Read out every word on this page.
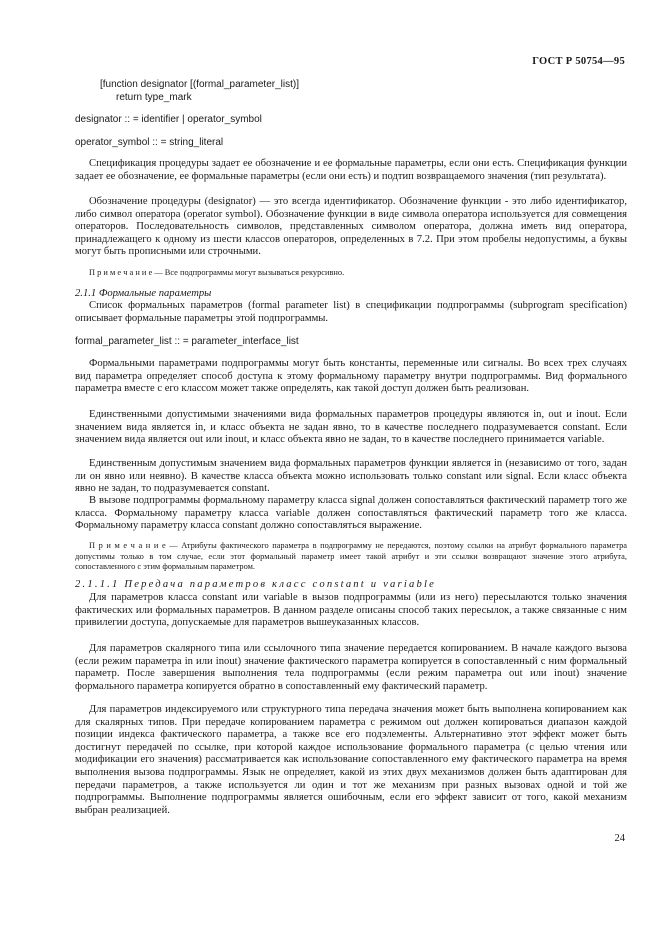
ГОСТ Р 50754—95
[function designator [(formal_parameter_list)]
return type_mark
designator :: = identifier | operator_symbol
operator_symbol :: = string_literal

Спецификация процедуры задает ее обозначение и ее формальные параметры, если они есть. Спецификация функции задает ее обозначение, ее формальные параметры (если они есть) и подтип возвращаемого значения (тип результата).

Обозначение процедуры (designator) — это всегда идентификатор. Обозначение функции - это либо идентификатор, либо символ оператора (operator symbol). Обозначение функции в виде символа оператора используется для совмещения операторов. Последовательность символов, представленных символом оператора, должна иметь вид оператора, принадлежащего к одному из шести классов операторов, определенных в 7.2. При этом пробелы недопустимы, а буквы могут быть прописными или строчными.

П р и м е ч а н и е — Все подпрограммы могут вызываться рекурсивно.

2.1.1 Формальные параметры

Список формальных параметров (formal parameter list) в спецификации подпрограммы (subprogram specification) описывает формальные параметры этой подпрограммы.

formal_parameter_list :: = parameter_interface_list

Формальными параметрами подпрограммы могут быть константы, переменные или сигналы. Во всех трех случаях вид параметра определяет способ доступа к этому формальному параметру внутри подпрограммы. Вид формального параметра вместе с его классом может также определять, как такой доступ должен быть реализован.

Единственными допустимыми значениями вида формальных параметров процедуры являются in, out и inout. Если значением вида является in, и класс объекта не задан явно, то в качестве последнего подразумевается constant. Если значением вида является out или inout, и класс объекта явно не задан, то в качестве последнего принимается variable.

Единственным допустимым значением вида формальных параметров функции является in (независимо от того, задан ли он явно или неявно). В качестве класса объекта можно использовать только constant или signal. Если класс объекта явно не задан, то подразумевается constant.

В вызове подпрограммы формальному параметру класса signal должен сопоставляться фактический параметр того же класса. Формальному параметру класса variable должен сопоставляться фактический параметр того же класса. Формальному параметру класса constant должно сопоставляться выражение.

П р и м е ч а н и е — Атрибуты фактического параметра в подпрограмму не передаются, поэтому ссылки на атрибут формального параметра допустимы только в том случае, если этот формальный параметр имеет такой атрибут и эти ссылки возвращают значение этого атрибута, сопоставленного с этим формальным параметром.

2.1.1.1 Передача параметров класс constant и variable

Для параметров класса constant или variable в вызов подпрограммы (или из него) пересылаются только значения фактических или формальных параметров. В данном разделе описаны способ таких пересылок, а также связанные с ним привилегии доступа, допускаемые для параметров вышеуказанных классов.

Для параметров скалярного типа или ссылочного типа значение передается копированием. В начале каждого вызова (если режим параметра in или inout) значение фактического параметра копируется в сопоставленный с ним формальный параметр. После завершения выполнения тела подпрограммы (если режим параметра out или inout) значение формального параметра копируется обратно в сопоставленный ему фактический параметр.

Для параметров индексируемого или структурного типа передача значения может быть выполнена копированием как для скалярных типов. При передаче копированием параметра с режимом out должен копироваться диапазон каждой позиции индекса фактического параметра, а также все его подэлементы. Альтернативно этот эффект может быть достигнут передачей по ссылке, при которой каждое использование формального параметра (с целью чтения или модификации его значения) рассматривается как использование сопоставленного ему фактического параметра на время выполнения вызова подпрограммы. Язык не определяет, какой из этих двух механизмов должен быть адаптирован для передачи параметров, а также используется ли один и тот же механизм при разных вызовах одной и той же подпрограммы. Выполнение подпрограммы является ошибочным, если его эффект зависит от того, какой механизм выбран реализацией.

24
